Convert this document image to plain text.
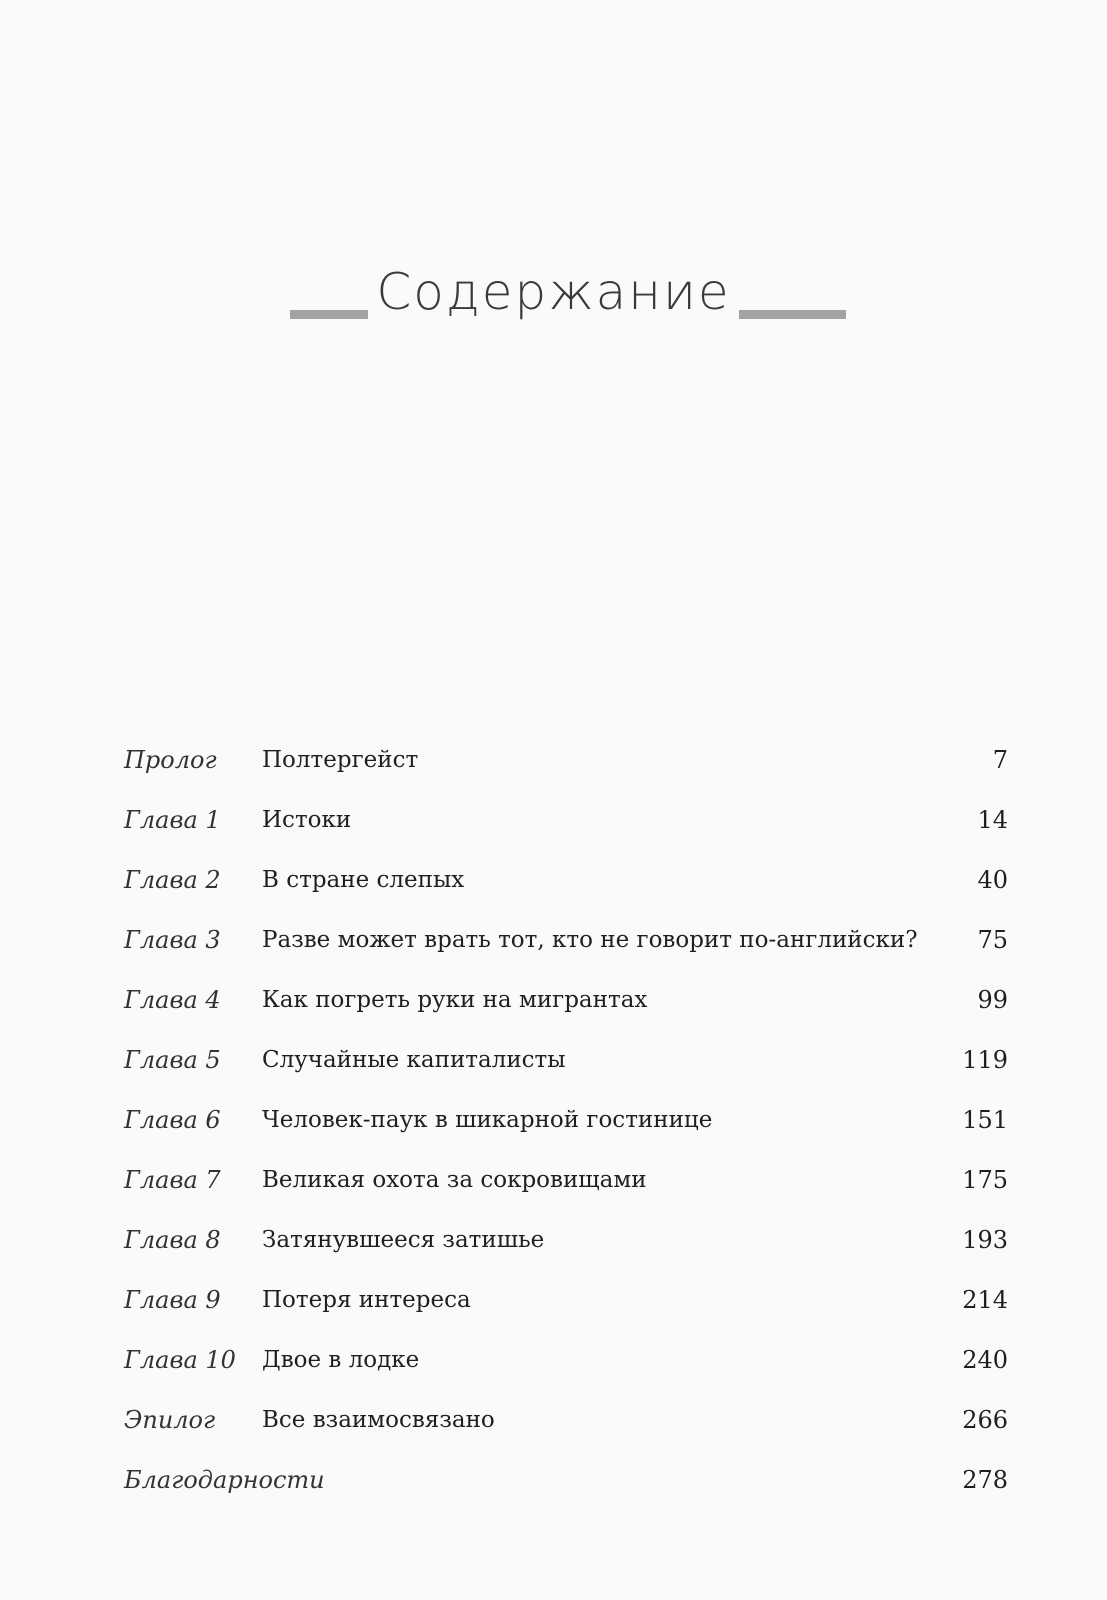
Содержание
Пролог Полтергейст	7
Глава 1 Истоки	14
Глава 2 В стране слепых	40
Глава 3 Разве может врать тот, кто не говорит по-английски? 75
Глава 4 Как погреть руки на мигрантах	99
Глава 5 Случайные капиталисты	119
Глава 6 Человек-паук в шикарной гостинице	151
Глава 7 Великая охота за сокровищами	175
Глава 8 Затянувшееся затишье	193
Глава 9 Потеря интереса	214
Глава 10 Двое в лодке	240
Эпилог Все взаимосвязано	266
Благодарности	278
